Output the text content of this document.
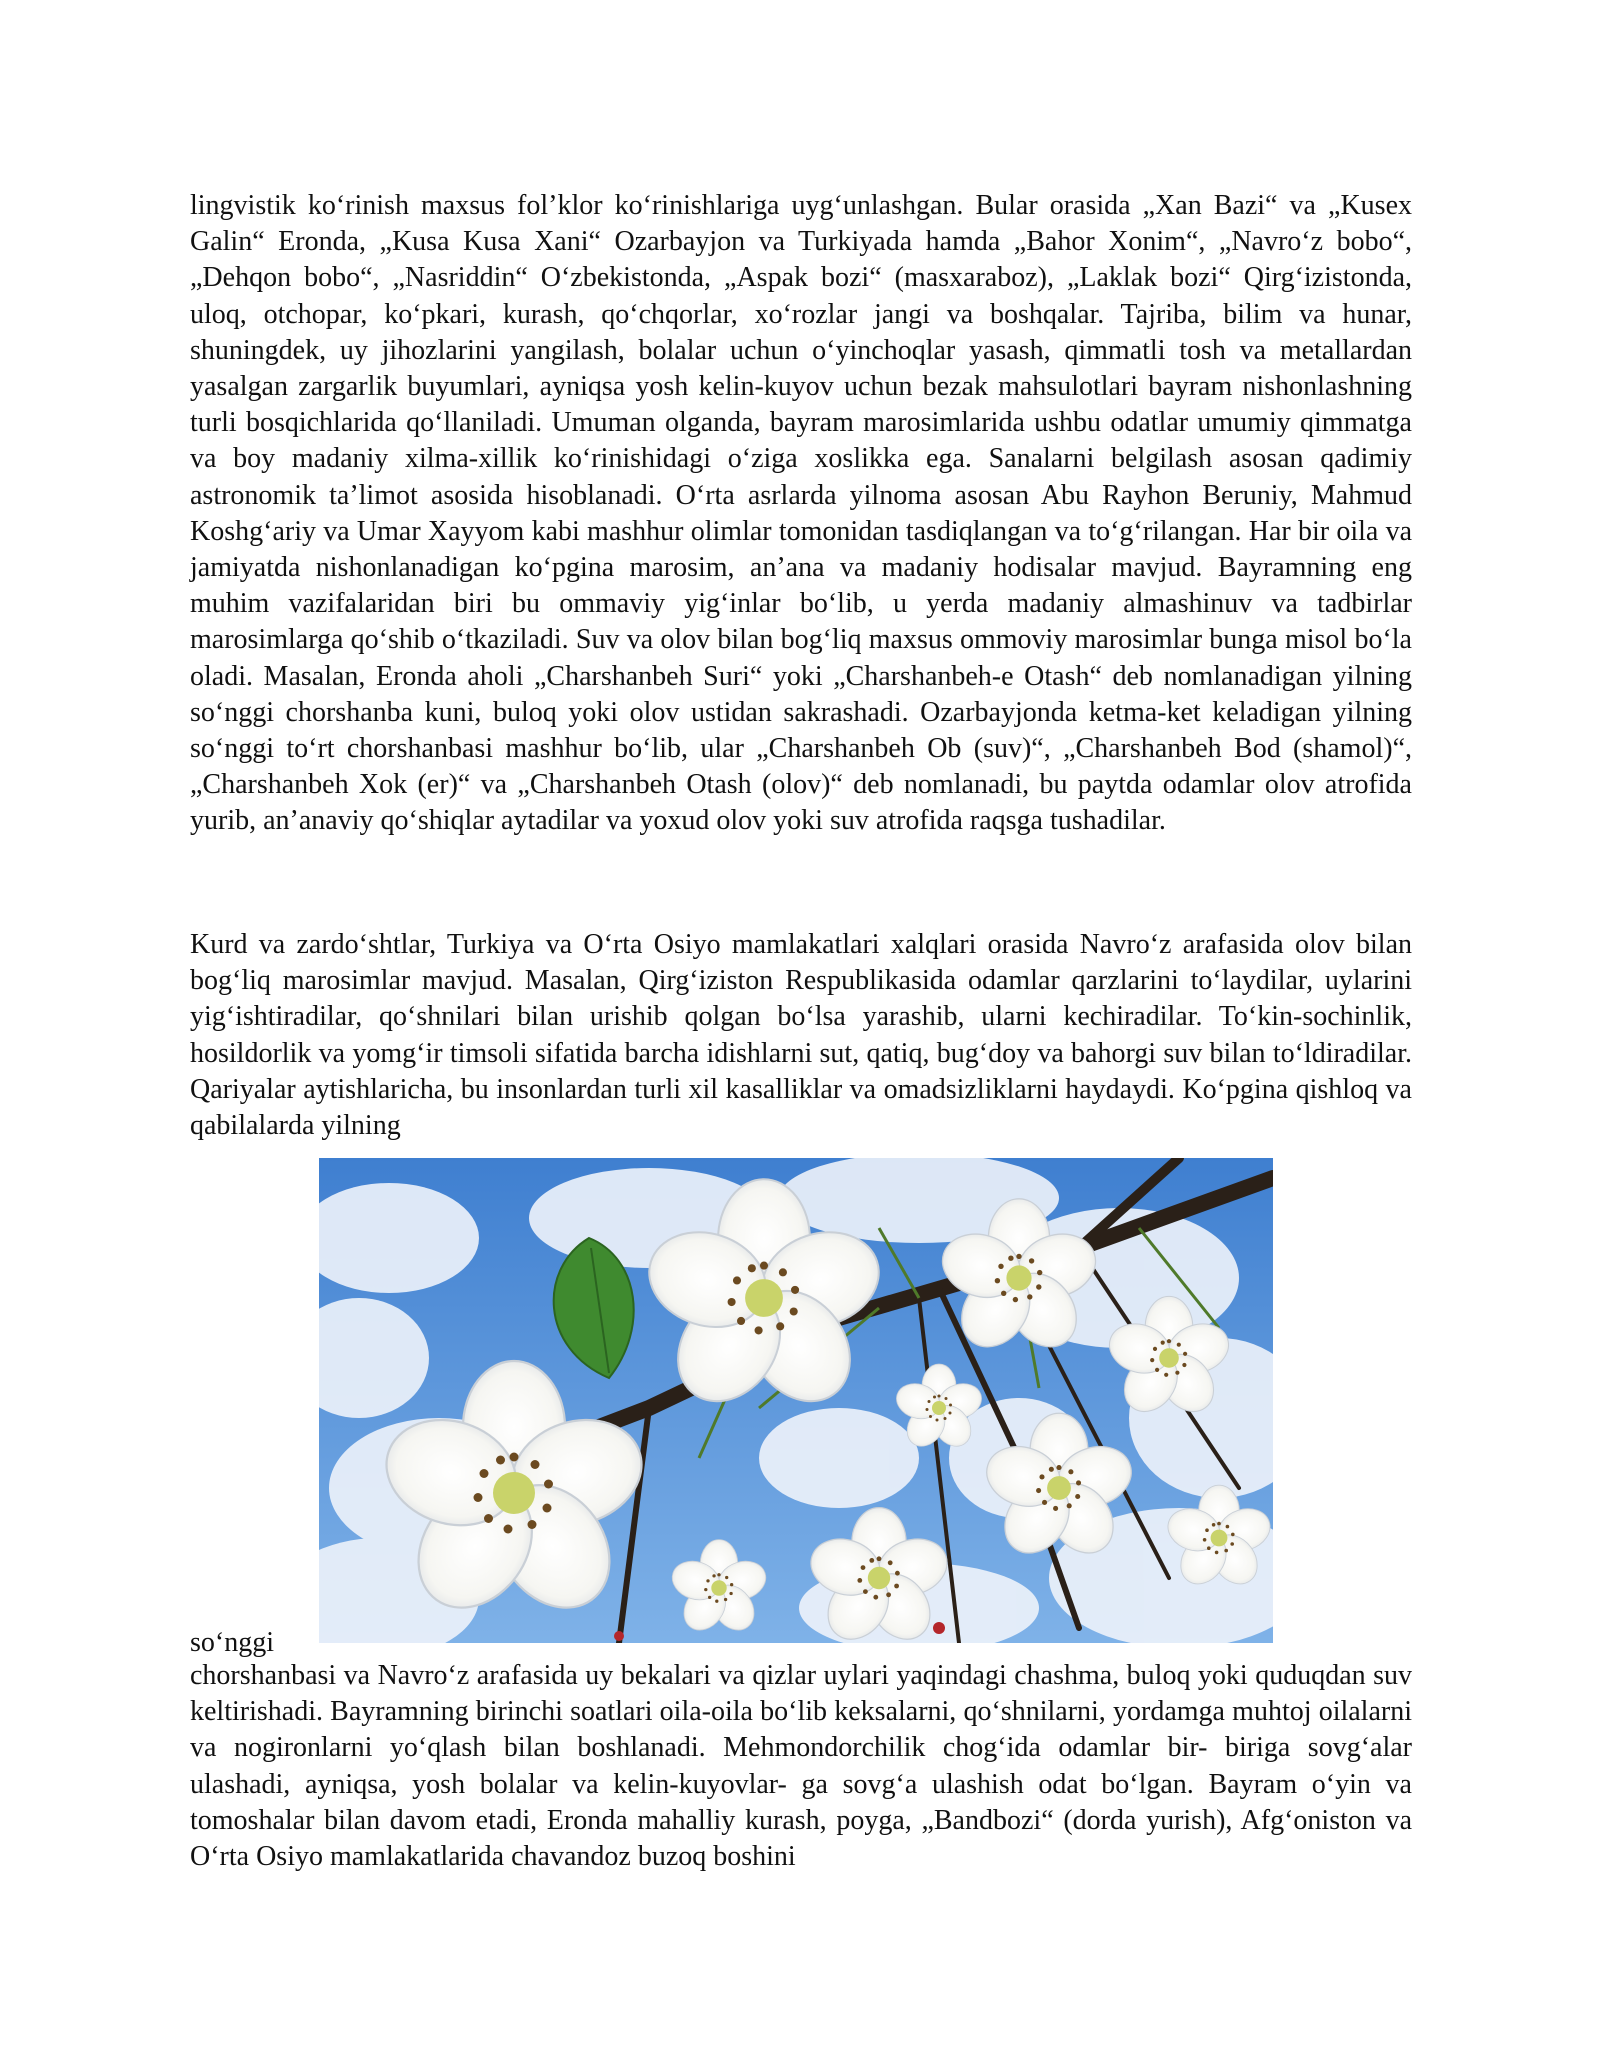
lingvistik ko‘rinish maxsus fol’klor ko‘rinishlariga uyg‘unlashgan. Bular orasida „Xan Bazi“ va „Kusex Galin“ Eronda, „Kusa Kusa Xani“ Ozarbayjon va Turkiyada hamda „Bahor Xonim“, „Navro‘z bobo“, „Dehqon bobo“, „Nasriddin“ O‘zbekistonda, „Aspak bozi“ (masxaraboz), „Laklak bozi“ Qirg‘izistonda, uloq, otchopar, ko‘pkari, kurash, qo‘chqorlar, xo‘rozlar jangi va boshqalar. Tajriba, bilim va hunar, shuningdek, uy jihozlarini yangilash, bolalar uchun o‘yinchoqlar yasash, qimmatli tosh va metallardan yasalgan zargarlik buyumlari, ayniqsa yosh kelin-kuyov uchun bezak mahsulotlari bayram nishonlashning turli bosqichlarida qo‘llaniladi. Umuman olganda, bayram marosimlarida ushbu odatlar umumiy qimmatga va boy madaniy xilma-xillik ko‘rinishidagi o‘ziga xoslikka ega. Sanalarni belgilash asosan qadimiy astronomik ta’limot asosida hisoblanadi. O‘rta asrlarda yilnoma asosan Abu Rayhon Beruniy, Mahmud Koshg‘ariy va Umar Xayyom kabi mashhur olimlar tomonidan tasdiqlangan va to‘g‘rilangan. Har bir oila va jamiyatda nishonlanadigan ko‘pgina marosim, an’ana va madaniy hodisalar mavjud. Bayramning eng muhim vazifalaridan biri bu ommaviy yig‘inlar bo‘lib, u yerda madaniy almashinuv va tadbirlar marosimlarga qo‘shib o‘tkaziladi. Suv va olov bilan bog‘liq maxsus ommoviy marosimlar bunga misol bo‘la oladi. Masalan, Eronda aholi „Charshanbeh Suri“ yoki „Charshanbeh-e Otash“ deb nomlanadigan yilning so‘nggi chorshanba kuni, buloq yoki olov ustidan sakrashadi. Ozarbayjonda ketma-ket keladigan yilning so‘nggi to‘rt chorshanbasi mashhur bo‘lib, ular „Charshanbeh Ob (suv)“, „Charshanbeh Bod (shamol)“, „Charshanbeh Xok (er)“ va „Charshanbeh Otash (olov)“ deb nomlanadi, bu paytda odamlar olov atrofida yurib, an’anaviy qo‘shiqlar aytadilar va yoxud olov yoki suv atrofida raqsga tushadilar.
Kurd va zardo‘shtlar, Turkiya va O‘rta Osiyo mamlakatlari xalqlari orasida Navro‘z arafasida olov bilan bog‘liq marosimlar mavjud. Masalan, Qirg‘iziston Respublikasida odamlar qarzlarini to‘laydilar, uylarini yig‘ishtiradilar, qo‘shnilari bilan urishib qolgan bo‘lsa yarashib, ularni kechiradilar. To‘kin-sochinlik, hosildorlik va yomg‘ir timsoli sifatida barcha idishlarni sut, qatiq, bug‘doy va bahorgi suv bilan to‘ldiradilar. Qariyalar aytishlaricha, bu insonlardan turli xil kasalliklar va omadsizliklarni haydaydi. Ko‘pgina qishloq va qabilalarda yilning
so‘nggi
chorshanbasi va Navro‘z arafasida uy bekalari va qizlar uylari yaqindagi chashma, buloq yoki quduqdan suv keltirishadi. Bayramning birinchi soatlari oila-oila bo‘lib keksalarni, qo‘shnilarni, yordamga muhtoj oilalarni va nogironlarni yo‘qlash bilan boshlanadi. Mehmondorchilik chog‘ida odamlar bir- biriga sovg‘alar ulashadi, ayniqsa, yosh bolalar va kelin-kuyovlar- ga sovg‘a ulashish odat bo‘lgan. Bayram o‘yin va tomoshalar bilan davom etadi, Eronda mahalliy kurash, poyga, „Bandbozi“ (dorda yurish), Afg‘oniston va O‘rta Osiyo mamlakatlarida chavandoz buzoq boshini
